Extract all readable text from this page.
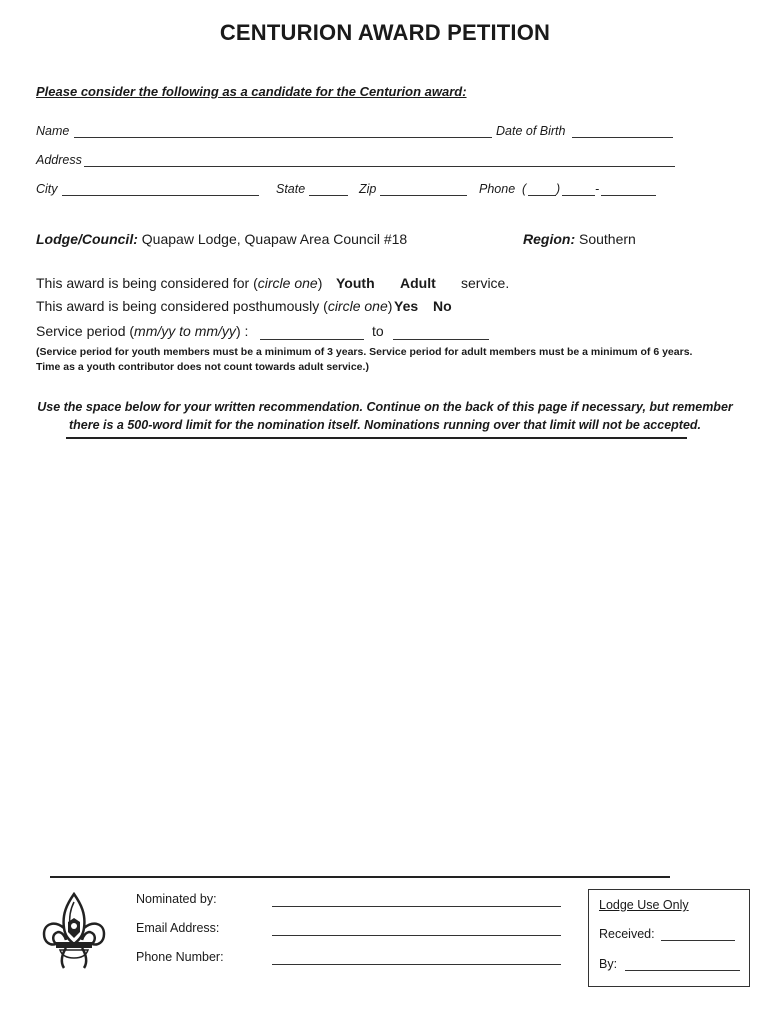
CENTURION AWARD PETITION
Please consider the following as a candidate for the Centurion award:
Name	Date of Birth
Address
City	State	Zip	Phone ( )	-
Lodge/Council: Quapaw Lodge, Quapaw Area Council #18	Region: Southern
This award is being considered for (circle one) Youth Adult service.
This award is being considered posthumously (circle one) Yes No
Service period (mm/yy to mm/yy) :	to
(Service period for youth members must be a minimum of 3 years. Service period for adult members must be a minimum of 6 years.
Time as a youth contributor does not count towards adult service.)
Use the space below for your written recommendation. Continue on the back of this page if necessary, but remember
there is a 500-word limit for the nomination itself. Nominations running over that limit will not be accepted.
Nominated by:
Email Address:
Phone Number:
Lodge Use Only
Received:
By:
